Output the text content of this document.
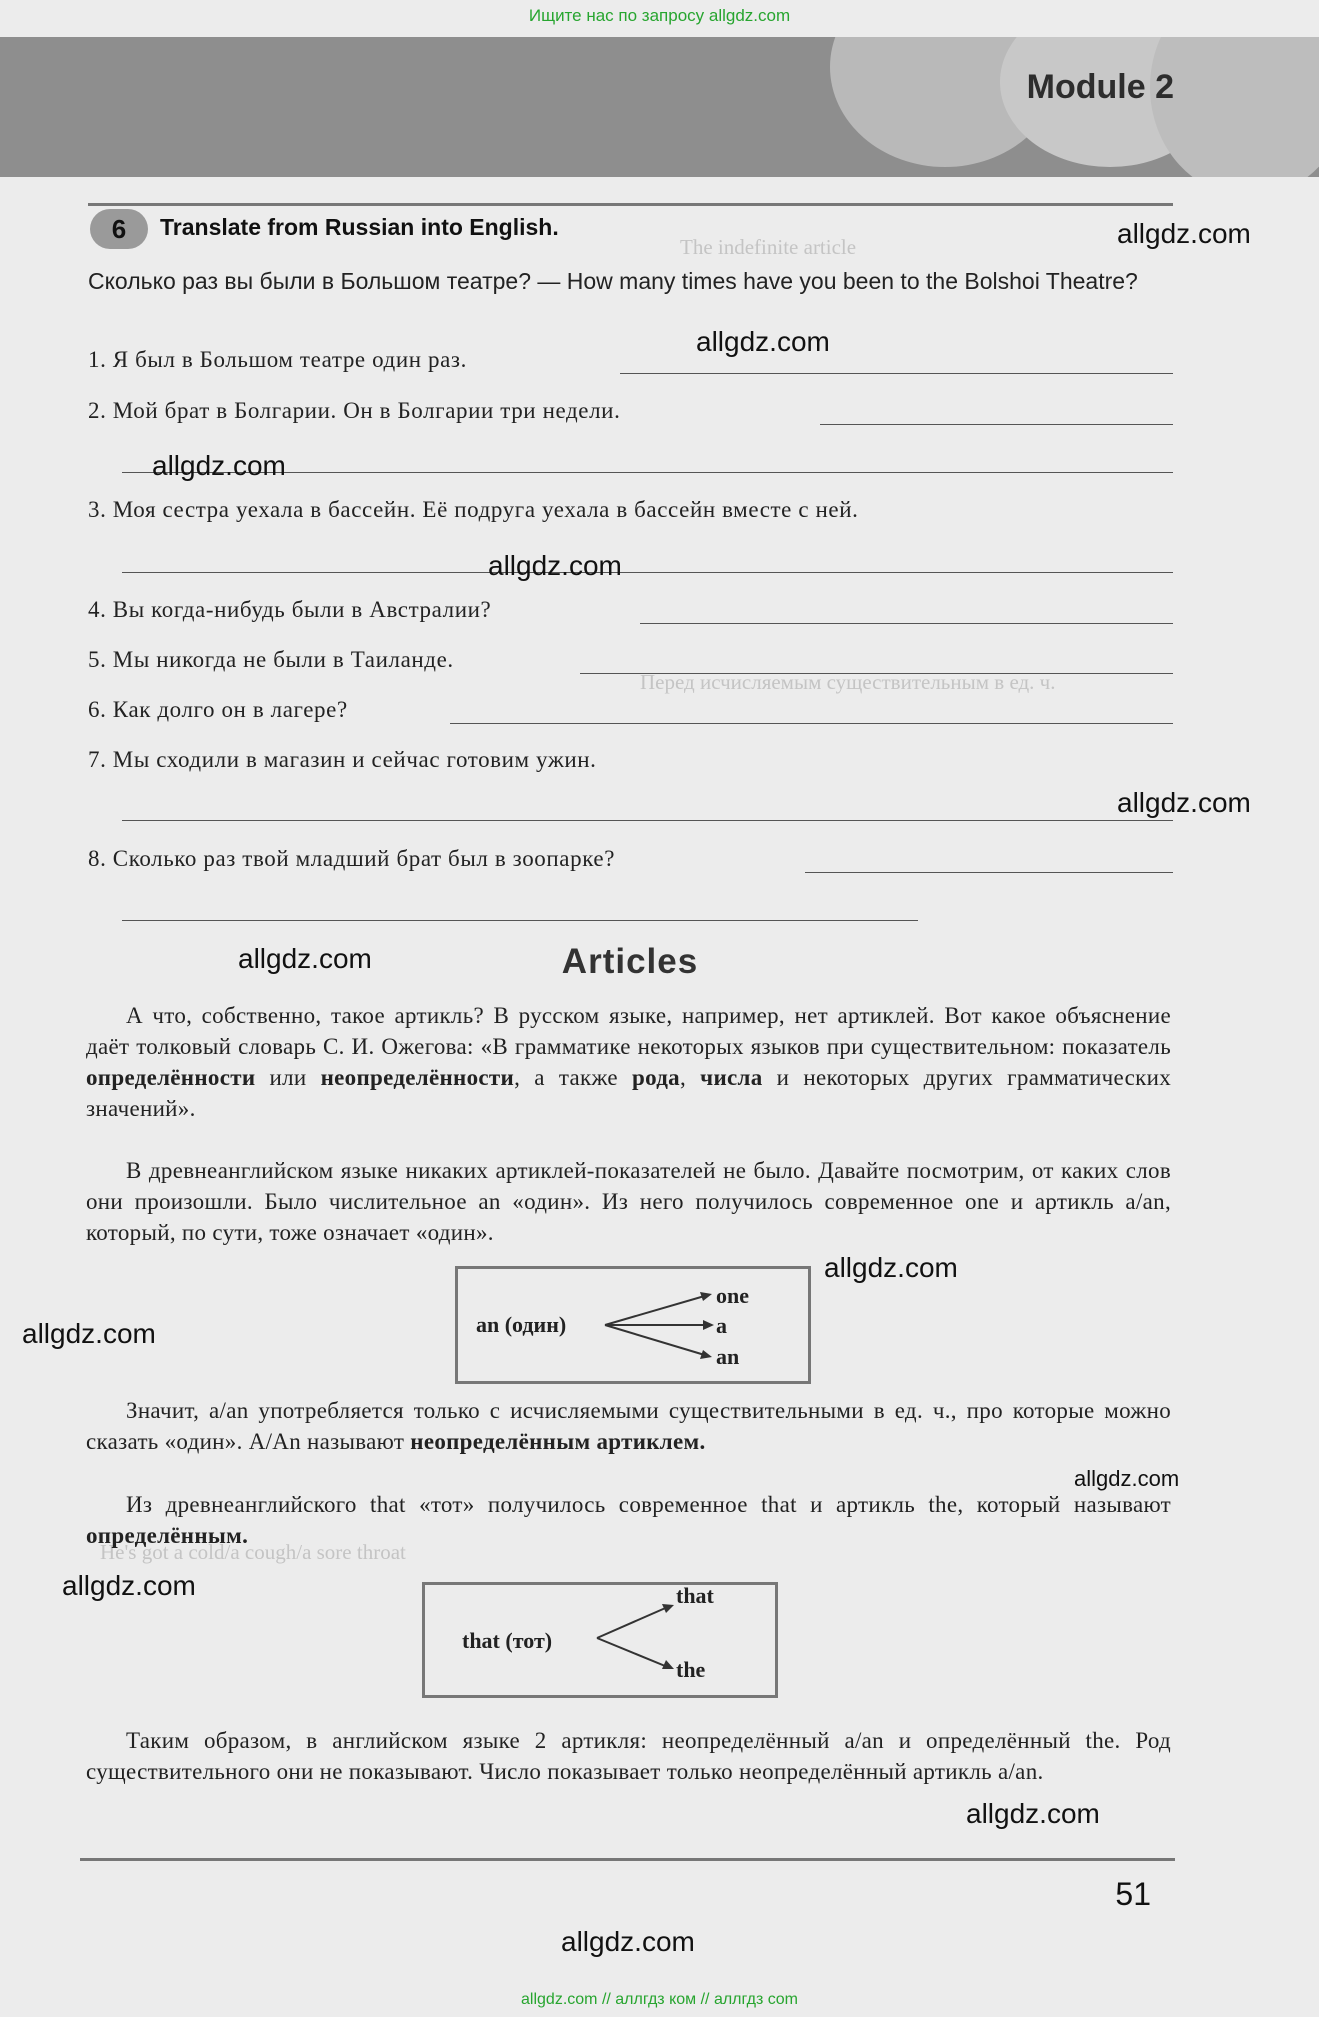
Ищите нас по запросу allgdz.com
Module 2
The indefinite article
Перед исчисляемым существительным в ед. ч.
He's got a cold/a cough/a sore throat
6	Translate from Russian into English.
Сколько раз вы были в Большом театре? — How many times have you been to the Bolshoi Theatre?
1. Я был в Большом театре один раз.
2. Мой брат в Болгарии. Он в Болгарии три недели.
3. Моя сестра уехала в бассейн. Её подруга уехала в бассейн вместе с ней.
4. Вы когда-нибудь были в Австралии?
5. Мы никогда не были в Таиланде.
6. Как долго он в лагере?
7. Мы сходили в магазин и сейчас готовим ужин.
8. Сколько раз твой младший брат был в зоопарке?
Articles
А что, собственно, такое артикль? В русском языке, например, нет артиклей. Вот какое объяснение даёт толковый словарь С. И. Ожегова: «В грамматике некоторых языков при существительном: показатель определённости или неопределённости, а также рода, числа и некоторых других грамматических значений».
В древнеанглийском языке никаких артиклей-показателей не было. Давайте посмотрим, от каких слов они произошли. Было числительное an «один». Из него получилось современное one и артикль a/an, который, по сути, тоже означает «один».
an (один)
one
a
an
Значит, a/an употребляется только с исчисляемыми существительными в ед. ч., про которые можно сказать «один». A/An называют неопределённым артиклем.
Из древнеанглийского that «тот» получилось современное that и артикль the, который называют определённым.
that (тот)
that
the
Таким образом, в английском языке 2 артикля: неопределённый a/an и определённый the. Род существительного они не показывают. Число показывает только неопределённый артикль a/an.
51
allgdz.com
allgdz.com
allgdz.com
allgdz.com
allgdz.com
allgdz.com
allgdz.com
allgdz.com
allgdz.com
allgdz.com
allgdz.com
allgdz.com
allgdz.com // аллгдз ком // аллгдз com
